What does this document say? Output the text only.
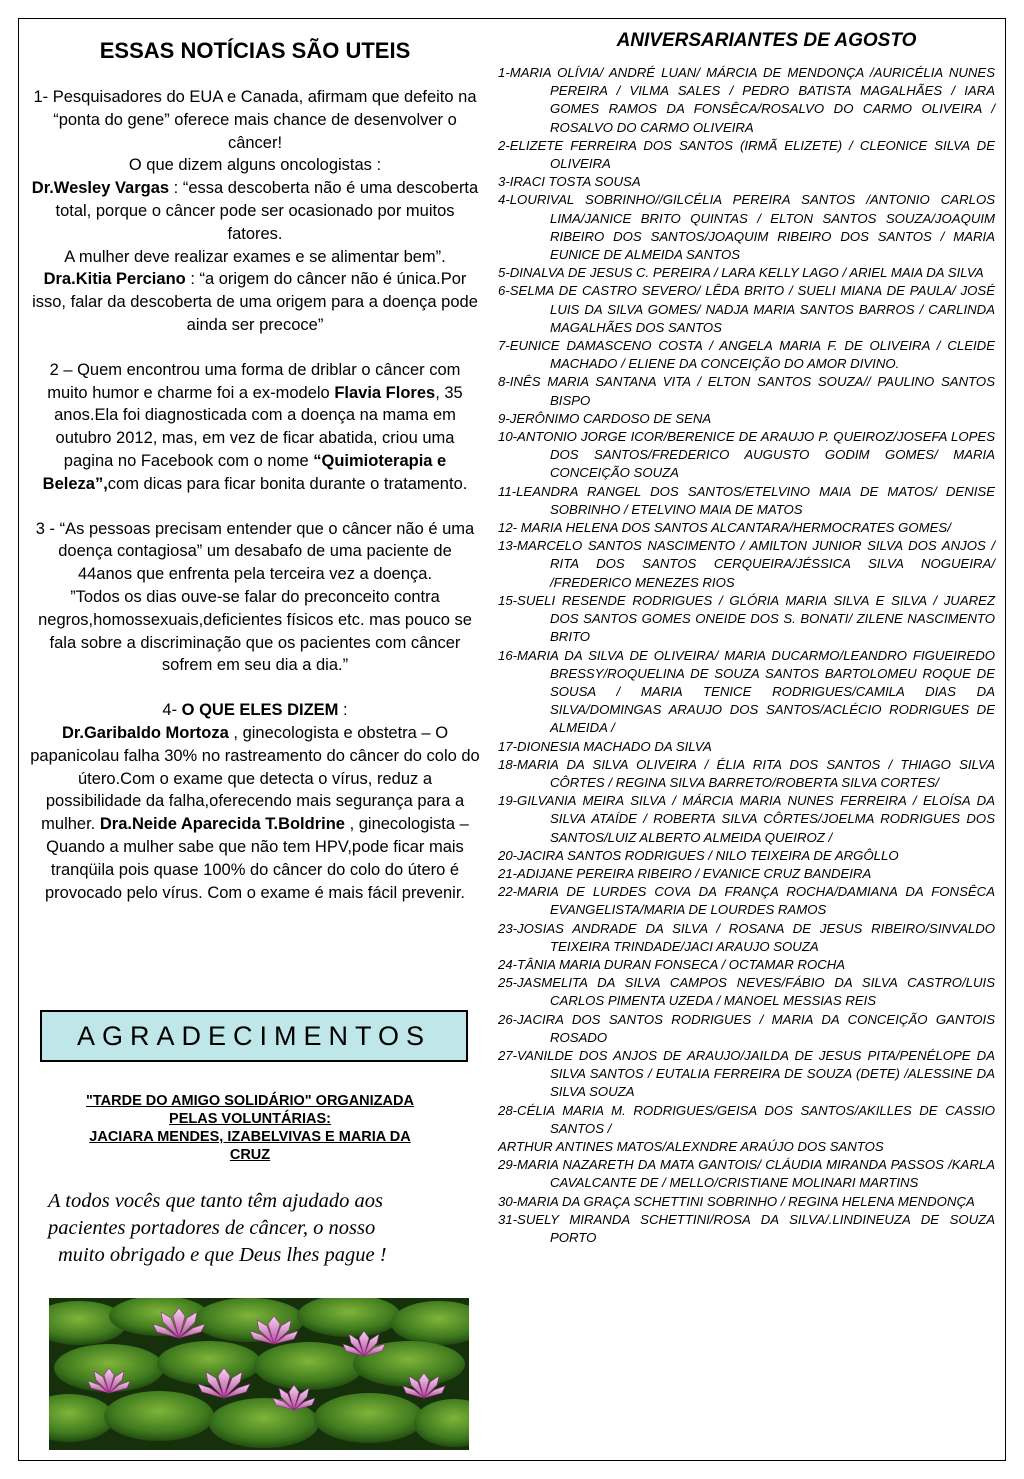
ESSAS NOTÍCIAS SÃO UTEIS

1- Pesquisadores do EUA e Canada, afirmam que defeito na “ponta do gene” oferece mais chance de desenvolver o câncer!

O que dizem alguns oncologistas :

Dr.Wesley Vargas : “essa descoberta não é uma descoberta total, porque o câncer pode ser ocasionado por muitos fatores.

A mulher deve realizar exames e se alimentar bem”.

Dra.Kitia Perciano : “a origem do câncer não é única.Por isso, falar da descoberta de uma origem para a doença pode ainda ser precoce”

2 – Quem encontrou uma forma de driblar o câncer com muito humor e charme foi a ex-modelo Flavia Flores, 35 anos.Ela foi diagnosticada com a doença na mama em outubro 2012, mas, em vez de ficar abatida, criou uma pagina no Facebook com o nome “Quimioterapia e Beleza”,com dicas para ficar bonita durante o tratamento.

3 - “As pessoas precisam entender que o câncer não é uma doença contagiosa” um desabafo de uma paciente de 44anos que enfrenta pela terceira vez a doença.

”Todos os dias ouve-se falar do preconceito contra negros,homossexuais,deficientes físicos etc. mas pouco se fala sobre a discriminação que os pacientes com câncer sofrem em seu dia a dia.”

4- O QUE ELES DIZEM :

Dr.Garibaldo Mortoza , ginecologista e obstetra – O papanicolau falha 30% no rastreamento do câncer do colo do útero.Com o exame que detecta o vírus, reduz a possibilidade da falha,oferecendo mais segurança para a mulher. Dra.Neide Aparecida T.Boldrine , ginecologista – Quando a mulher sabe que não tem HPV,pode ficar mais tranqüila pois quase 100% do câncer do colo do útero é provocado pelo vírus. Com o exame é mais fácil prevenir.

AGRADECIMENTOS
"TARDE DO AMIGO SOLIDÁRIO" ORGANIZADA
PELAS VOLUNTÁRIAS:
JACIARA MENDES, IZABELVIVAS E MARIA DA
CRUZ
A todos vocês que tanto têm ajudado aos
pacientes portadores de câncer, o nosso
muito obrigado e que Deus lhes pague !
ANIVERSARIANTES DE AGOSTO
1-MARIA OLÍVIA/ ANDRÉ LUAN/ MÁRCIA DE MENDONÇA /AURICÉLIA NUNES PEREIRA / VILMA SALES / PEDRO BATISTA MAGALHÃES / IARA GOMES RAMOS DA FONSÊCA/ROSALVO DO CARMO OLIVEIRA / ROSALVO DO CARMO OLIVEIRA
2-ELIZETE FERREIRA DOS SANTOS (IRMÃ ELIZETE) / CLEONICE SILVA DE OLIVEIRA
3-IRACI TOSTA SOUSA
4-LOURIVAL SOBRINHO//GILCÉLIA PEREIRA SANTOS /ANTONIO CARLOS LIMA/JANICE BRITO QUINTAS / ELTON SANTOS SOUZA/JOAQUIM RIBEIRO DOS SANTOS/JOAQUIM RIBEIRO DOS SANTOS / MARIA EUNICE DE ALMEIDA SANTOS
5-DINALVA DE JESUS C. PEREIRA / LARA KELLY LAGO / ARIEL MAIA DA SILVA
6-SELMA DE CASTRO SEVERO/ LÊDA BRITO / SUELI MIANA DE PAULA/ JOSÉ LUIS DA SILVA GOMES/ NADJA MARIA SANTOS BARROS / CARLINDA MAGALHÃES DOS SANTOS
7-EUNICE DAMASCENO COSTA / ANGELA MARIA F. DE OLIVEIRA / CLEIDE MACHADO / ELIENE DA CONCEIÇÃO DO AMOR DIVINO.
8-INÊS MARIA SANTANA VITA / ELTON SANTOS SOUZA// PAULINO SANTOS BISPO
9-JERÔNIMO CARDOSO DE SENA
10-ANTONIO JORGE ICOR/BERENICE DE ARAUJO P. QUEIROZ/JOSEFA LOPES DOS SANTOS/FREDERICO AUGUSTO GODIM GOMES/ MARIA CONCEIÇÃO SOUZA
11-LEANDRA RANGEL DOS SANTOS/ETELVINO MAIA DE MATOS/ DENISE SOBRINHO / ETELVINO MAIA DE MATOS
12- MARIA HELENA DOS SANTOS ALCANTARA/HERMOCRATES GOMES/
13-MARCELO SANTOS NASCIMENTO / AMILTON JUNIOR SILVA DOS ANJOS / RITA DOS SANTOS CERQUEIRA/JÉSSICA SILVA NOGUEIRA/ /FREDERICO MENEZES RIOS
15-SUELI RESENDE RODRIGUES / GLÓRIA MARIA SILVA E SILVA / JUAREZ DOS SANTOS GOMES ONEIDE DOS S. BONATI/ ZILENE NASCIMENTO BRITO
16-MARIA DA SILVA DE OLIVEIRA/ MARIA DUCARMO/LEANDRO FIGUEIREDO BRESSY/ROQUELINA DE SOUZA SANTOS BARTOLOMEU ROQUE DE SOUSA / MARIA TENICE RODRIGUES/CAMILA DIAS DA SILVA/DOMINGAS ARAUJO DOS SANTOS/ACLÉCIO RODRIGUES DE ALMEIDA /
17-DIONESIA MACHADO DA SILVA
18-MARIA DA SILVA OLIVEIRA / ÉLIA RITA DOS SANTOS / THIAGO SILVA CÔRTES / REGINA SILVA BARRETO/ROBERTA SILVA CORTES/
19-GILVANIA MEIRA SILVA / MÁRCIA MARIA NUNES FERREIRA / ELOÍSA DA SILVA ATAÍDE / ROBERTA SILVA CÔRTES/JOELMA RODRIGUES DOS SANTOS/LUIZ ALBERTO ALMEIDA QUEIROZ /
20-JACIRA SANTOS RODRIGUES / NILO TEIXEIRA DE ARGÔLLO
21-ADIJANE PEREIRA RIBEIRO / EVANICE CRUZ BANDEIRA
22-MARIA DE LURDES COVA DA FRANÇA ROCHA/DAMIANA DA FONSÊCA EVANGELISTA/MARIA DE LOURDES RAMOS
23-JOSIAS ANDRADE DA SILVA / ROSANA DE JESUS RIBEIRO/SINVALDO TEIXEIRA TRINDADE/JACI ARAUJO SOUZA
24-TÂNIA MARIA DURAN FONSECA / OCTAMAR ROCHA
25-JASMELITA DA SILVA CAMPOS NEVES/FÁBIO DA SILVA CASTRO/LUIS CARLOS PIMENTA UZEDA / MANOEL MESSIAS REIS
26-JACIRA DOS SANTOS RODRIGUES / MARIA DA CONCEIÇÃO GANTOIS ROSADO
27-VANILDE DOS ANJOS DE ARAUJO/JAILDA DE JESUS PITA/PENÉLOPE DA SILVA SANTOS / EUTALIA FERREIRA DE SOUZA (DETE) /ALESSINE DA SILVA SOUZA
28-CÉLIA MARIA M. RODRIGUES/GEISA DOS SANTOS/AKILLES DE CASSIO SANTOS /
ARTHUR ANTINES MATOS/ALEXNDRE ARAÚJO DOS SANTOS
29-MARIA NAZARETH DA MATA GANTOIS/ CLÁUDIA MIRANDA PASSOS /KARLA CAVALCANTE DE / MELLO/CRISTIANE MOLINARI MARTINS
30-MARIA DA GRAÇA SCHETTINI SOBRINHO / REGINA HELENA MENDONÇA
31-SUELY MIRANDA SCHETTINI/ROSA DA SILVA/.LINDINEUZA DE SOUZA PORTO
